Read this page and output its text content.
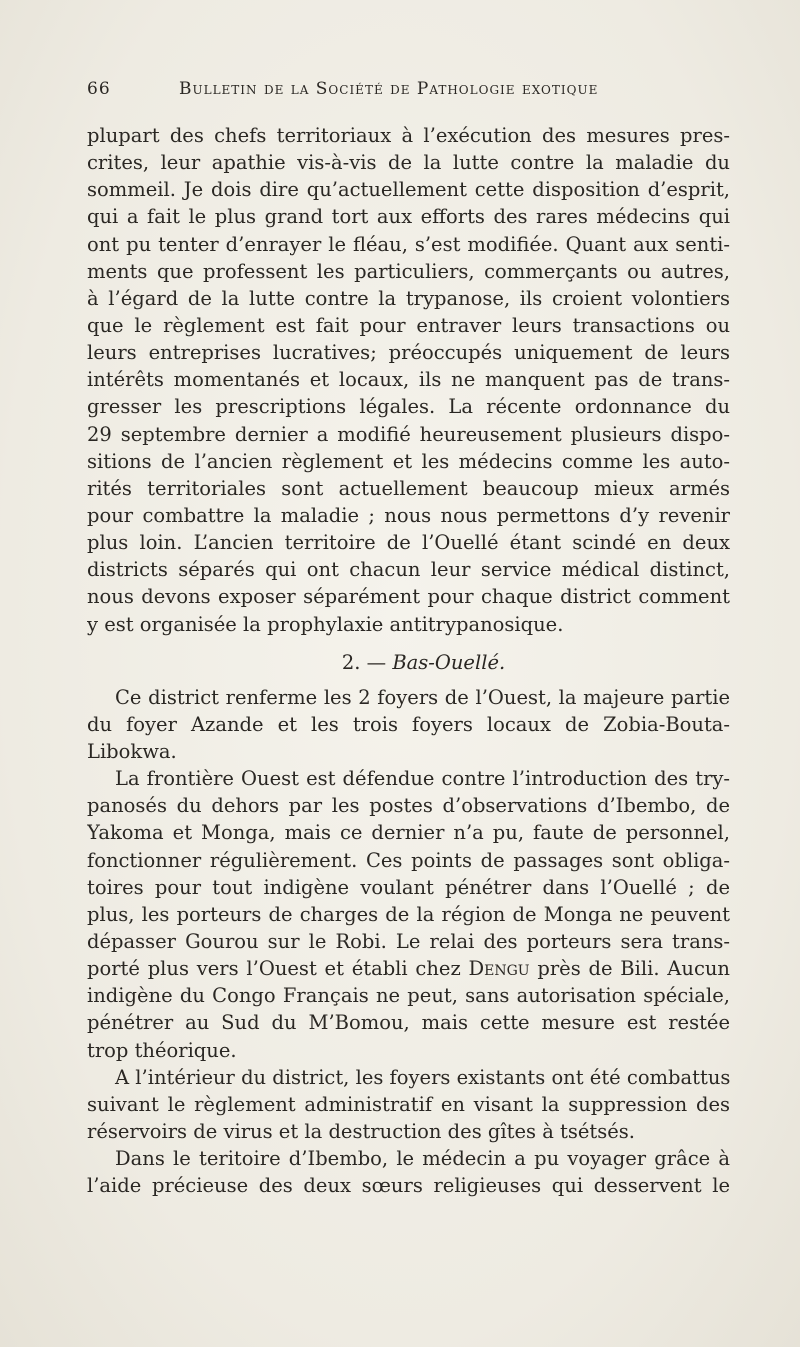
66	Bulletin de la Société de Pathologie exotique
plupart des chefs territoriaux à l’exécution des mesures pres-
crites, leur apathie vis-à-vis de la lutte contre la maladie du
sommeil. Je dois dire qu’actuellement cette disposition d’esprit,
qui a fait le plus grand tort aux efforts des rares médecins qui
ont pu tenter d’enrayer le fléau, s’est modifiée. Quant aux senti-
ments que professent les particuliers, commerçants ou autres,
à l’égard de la lutte contre la trypanose, ils croient volontiers
que le règlement est fait pour entraver leurs transactions ou
leurs entreprises lucratives; préoccupés uniquement de leurs
intérêts momentanés et locaux, ils ne manquent pas de trans-
gresser les prescriptions légales. La récente ordonnance du
29 septembre dernier a modifié heureusement plusieurs dispo-
sitions de l’ancien règlement et les médecins comme les auto-
rités territoriales sont actuellement beaucoup mieux armés
pour combattre la maladie ; nous nous permettons d’y revenir
plus loin. L’ancien territoire de l’Ouellé étant scindé en deux
districts séparés qui ont chacun leur service médical distinct,
nous devons exposer séparément pour chaque district comment
y est organisée la prophylaxie antitrypanosique.
2. — Bas-Ouellé.
Ce district renferme les 2 foyers de l’Ouest, la majeure partie
du foyer Azande et les trois foyers locaux de Zobia-Bouta-
Libokwa.
La frontière Ouest est défendue contre l’introduction des try-
panosés du dehors par les postes d’observations d’Ibembo, de
Yakoma et Monga, mais ce dernier n’a pu, faute de personnel,
fonctionner régulièrement. Ces points de passages sont obliga-
toires pour tout indigène voulant pénétrer dans l’Ouellé ; de
plus, les porteurs de charges de la région de Monga ne peuvent
dépasser Gourou sur le Robi. Le relai des porteurs sera trans-
porté plus vers l’Ouest et établi chez Dengu près de Bili. Aucun
indigène du Congo Français ne peut, sans autorisation spéciale,
pénétrer au Sud du M’Bomou, mais cette mesure est restée
trop théorique.
A l’intérieur du district, les foyers existants ont été combattus
suivant le règlement administratif en visant la suppression des
réservoirs de virus et la destruction des gîtes à tsétsés.
Dans le teritoire d’Ibembo, le médecin a pu voyager grâce à
l’aide précieuse des deux sœurs religieuses qui desservent le
